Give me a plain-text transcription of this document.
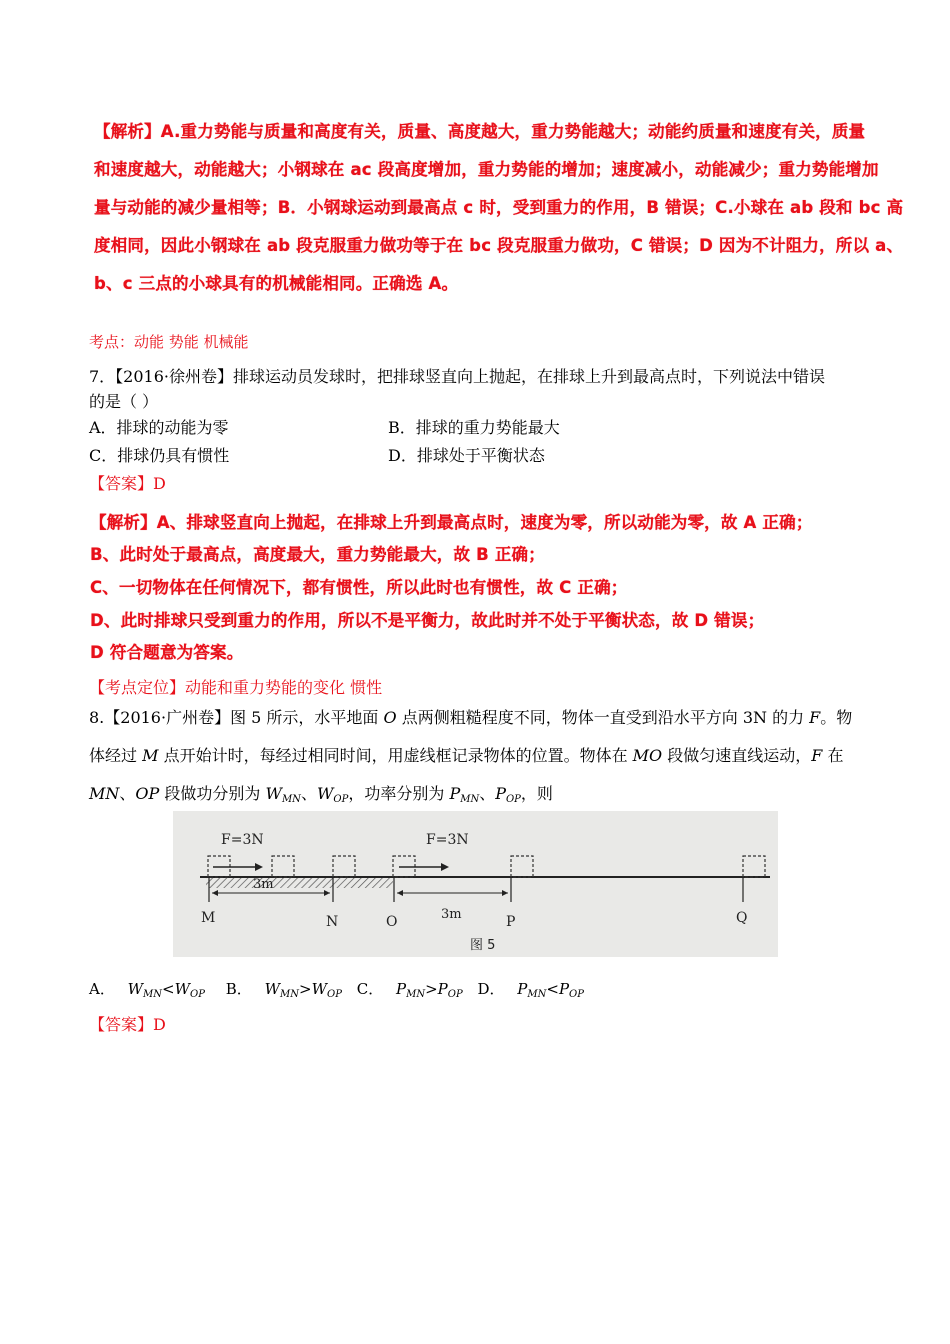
【解析】A.重力势能与质量和高度有关，质量、高度越大，重力势能越大；动能约质量和速度有关，质量
和速度越大，动能越大；小钢球在 ac 段高度增加，重力势能的增加；速度减小，动能减少；重力势能增加
量与动能的减少量相等；B．小钢球运动到最高点 c 时，受到重力的作用，B 错误；C.小球在 ab 段和 bc 高
度相同，因此小钢球在 ab 段克服重力做功等于在 bc 段克服重力做功，C 错误；D 因为不计阻力，所以 a、
b、c 三点的小球具有的机械能相同。正确选 A。
考点：动能 势能 机械能
7．【2016·徐州卷】排球运动员发球时，把排球竖直向上抛起，在排球上升到最高点时，下列说法中错误
的是（ ）
A．排球的动能为零	B．排球的重力势能最大
C．排球仍具有惯性	D．排球处于平衡状态
【答案】D
【解析】A、排球竖直向上抛起，在排球上升到最高点时，速度为零，所以动能为零，故 A 正确；
B、此时处于最高点，高度最大，重力势能最大，故 B 正确；
C、一切物体在任何情况下，都有惯性，所以此时也有惯性，故 C 正确；
D、此时排球只受到重力的作用，所以不是平衡力，故此时并不处于平衡状态，故 D 错误；
D 符合题意为答案。
【考点定位】动能和重力势能的变化 惯性
8.【2016·广州卷】图 5 所示，水平地面 O 点两侧粗糙程度不同，物体一直受到沿水平方向 3N 的力 F。物
体经过 M 点开始计时，每经过相同时间，用虚线框记录物体的位置。物体在 MO 段做匀速直线运动，F 在
MN、OP 段做功分别为 $W_{MN}$、$W_{OP}$，功率分别为 $P_{MN}$、$P_{OP}$，则
F=3N	F=3N
3m
3m
M	N	O	P	Q
图 5
A． $W_{MN}<W_{OP}$ B． $W_{MN}>W_{OP}$ C． $P_{MN}>P_{OP}$ D． $P_{MN}<P_{OP}$
【答案】D
